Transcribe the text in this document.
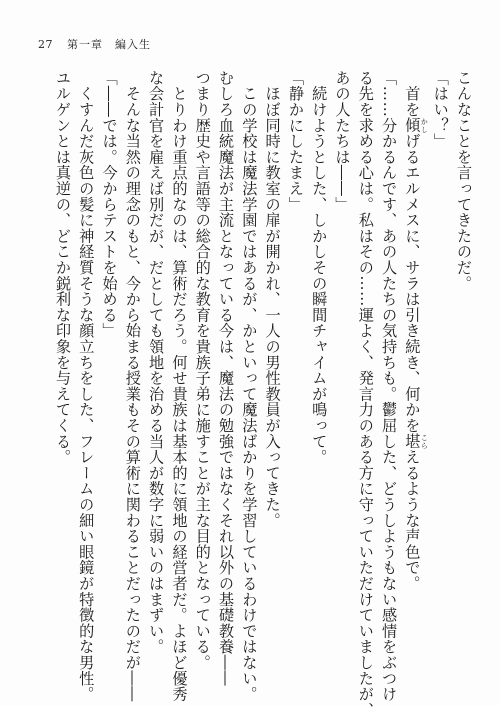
27 第一章　編入生
こんなことを言ってきたのだ。
「はい？」
　首を傾 かしげるエルメスに、サラは引き続き、何かを堪 こらえるような声色で。
「……分かるんです、あの人たちの気持ちも。鬱屈した、どうしようもない感情をぶつけ
る先を求める心は。私はその……運よく、発言力のある方に守っていただけていましたが、
あの人たちは――」
　続けようとした、しかしその瞬間チャイムが鳴って。
「静かにしたまえ」
　ほぼ同時に教室の扉が開かれ、一人の男性教員が入ってきた。
　この学校は魔法学園ではあるが、かといって魔法ばかりを学習しているわけではない。
むしろ血統魔法が主流となっている今は、魔法の勉強ではなくそれ以外の基礎教養――
つまり歴史や言語等の総合的な教育を貴族子弟に施すことが主な目的となっている。
　とりわけ重点的なのは、算術だろう。何せ貴族は基本的に領地の経営者だ。よほど優秀
な会計官を雇えば別だが、だとしても領地を治める当人が数字に弱いのはまずい。
　そんな当然の理念のもと、今から始まる授業もその算術に関わることだったのだが――
「――では。今からテストを始める」
　くすんだ灰色の髪に神経質そうな顔立ちをした、フレームの細い眼鏡が特徴的な男性。
ユルゲンとは真逆の、どこか鋭利な印象を与えてくる。
